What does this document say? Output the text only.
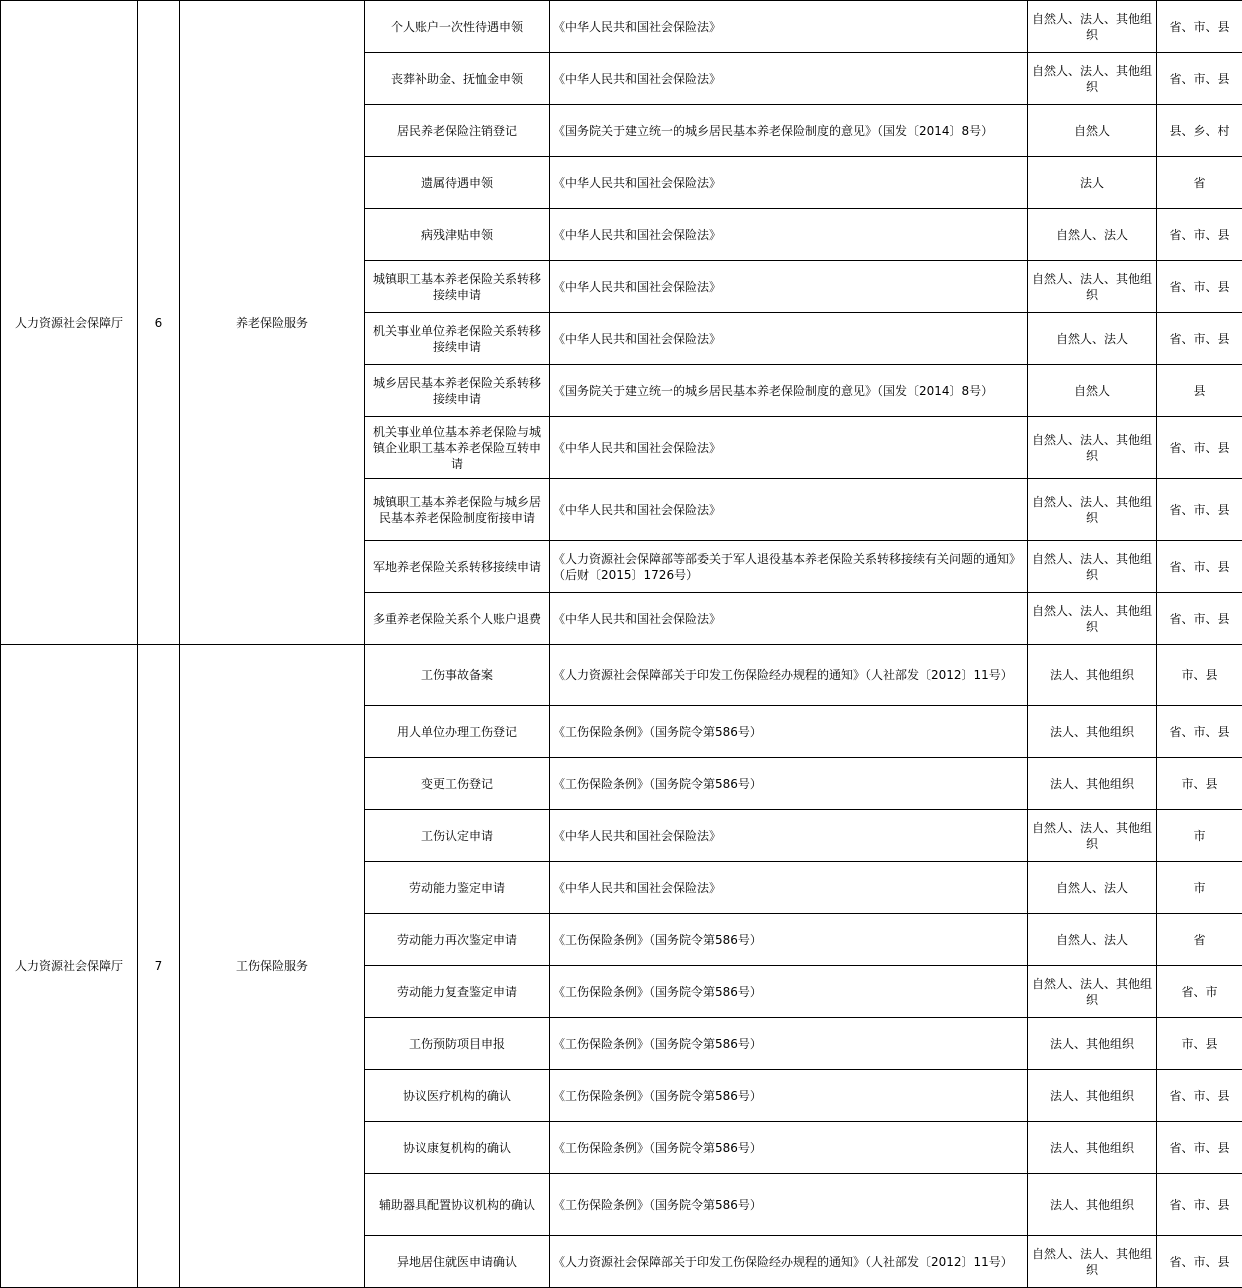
人力资源社会保障厅	6	养老保险服务	个人账户一次性待遇申领	《中华人民共和国社会保险法》	自然人、法人、其他组织	省、市、县
			丧葬补助金、抚恤金申领	《中华人民共和国社会保险法》	自然人、法人、其他组织	省、市、县
			居民养老保险注销登记	《国务院关于建立统一的城乡居民基本养老保险制度的意见》（国发〔2014〕8号）	自然人	县、乡、村
			遗属待遇申领	《中华人民共和国社会保险法》	法人	省
			病残津贴申领	《中华人民共和国社会保险法》	自然人、法人	省、市、县
			城镇职工基本养老保险关系转移接续申请	《中华人民共和国社会保险法》	自然人、法人、其他组织	省、市、县
			机关事业单位养老保险关系转移接续申请	《中华人民共和国社会保险法》	自然人、法人	省、市、县
			城乡居民基本养老保险关系转移接续申请	《国务院关于建立统一的城乡居民基本养老保险制度的意见》（国发〔2014〕8号）	自然人	县
			机关事业单位基本养老保险与城镇企业职工基本养老保险互转申请	《中华人民共和国社会保险法》	自然人、法人、其他组织	省、市、县
			城镇职工基本养老保险与城乡居民基本养老保险制度衔接申请	《中华人民共和国社会保险法》	自然人、法人、其他组织	省、市、县
			军地养老保险关系转移接续申请	《人力资源社会保障部等部委关于军人退役基本养老保险关系转移接续有关问题的通知》（后财〔2015〕1726号）	自然人、法人、其他组织	省、市、县
			多重养老保险关系个人账户退费	《中华人民共和国社会保险法》	自然人、法人、其他组织	省、市、县
人力资源社会保障厅	7	工伤保险服务	工伤事故备案	《人力资源社会保障部关于印发工伤保险经办规程的通知》（人社部发〔2012〕11号）	法人、其他组织	市、县
			用人单位办理工伤登记	《工伤保险条例》（国务院令第586号）	法人、其他组织	省、市、县
			变更工伤登记	《工伤保险条例》（国务院令第586号）	法人、其他组织	市、县
			工伤认定申请	《中华人民共和国社会保险法》	自然人、法人、其他组织	市
			劳动能力鉴定申请	《中华人民共和国社会保险法》	自然人、法人	市
			劳动能力再次鉴定申请	《工伤保险条例》（国务院令第586号）	自然人、法人	省
			劳动能力复查鉴定申请	《工伤保险条例》（国务院令第586号）	自然人、法人、其他组织	省、市
			工伤预防项目申报	《工伤保险条例》（国务院令第586号）	法人、其他组织	市、县
			协议医疗机构的确认	《工伤保险条例》（国务院令第586号）	法人、其他组织	省、市、县
			协议康复机构的确认	《工伤保险条例》（国务院令第586号）	法人、其他组织	省、市、县
			辅助器具配置协议机构的确认	《工伤保险条例》（国务院令第586号）	法人、其他组织	省、市、县
			异地居住就医申请确认	《人力资源社会保障部关于印发工伤保险经办规程的通知》（人社部发〔2012〕11号）	自然人、法人、其他组织	省、市、县
